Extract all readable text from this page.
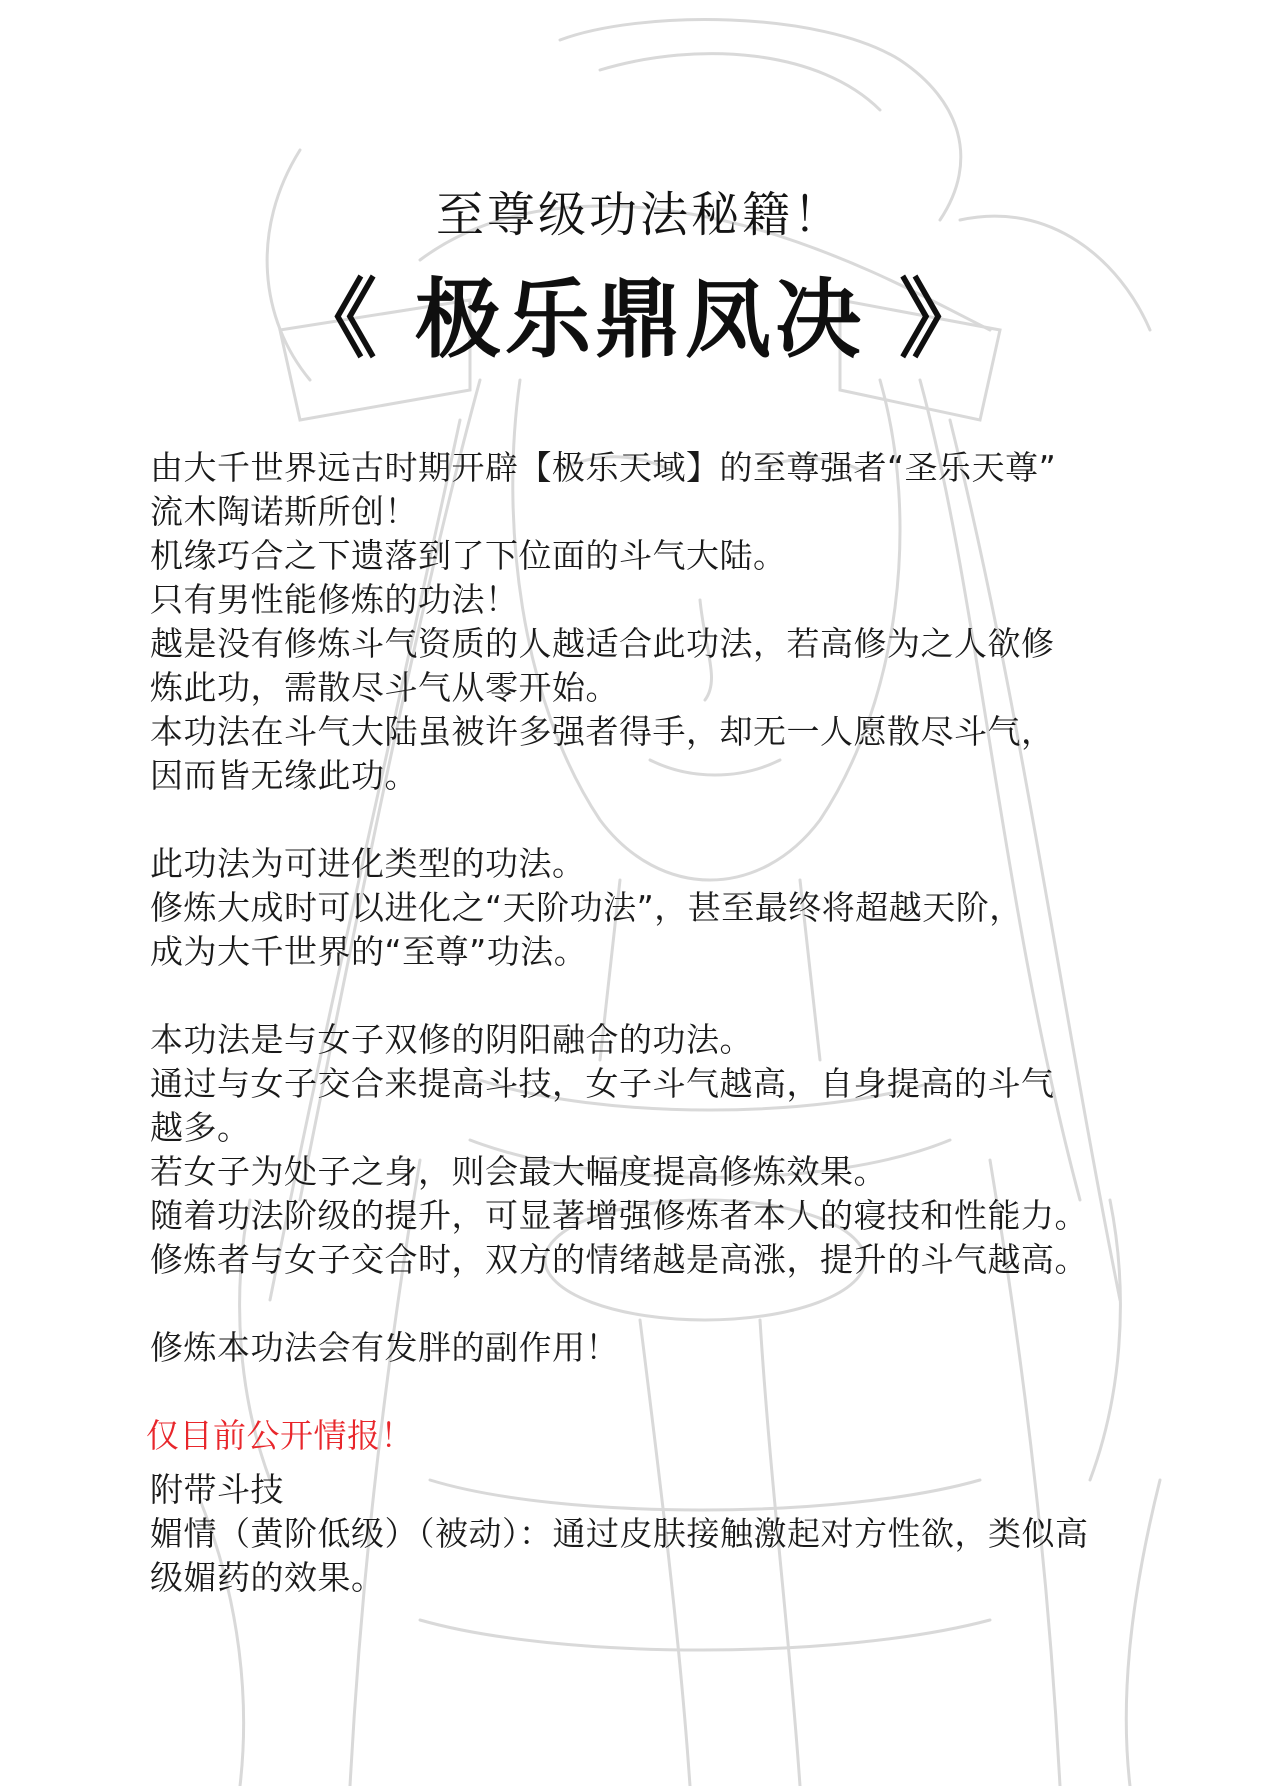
至尊级功法秘籍！
《 极乐鼎凤决 》
由大千世界远古时期开辟【极乐天域】的至尊强者“圣乐天尊”
流木陶诺斯所创！
机缘巧合之下遗落到了下位面的斗气大陆。
只有男性能修炼的功法！
越是没有修炼斗气资质的人越适合此功法，若高修为之人欲修
炼此功，需散尽斗气从零开始。
本功法在斗气大陆虽被许多强者得手，却无一人愿散尽斗气，
因而皆无缘此功。
此功法为可进化类型的功法。
修炼大成时可以进化之“天阶功法”，甚至最终将超越天阶，
成为大千世界的“至尊”功法。
本功法是与女子双修的阴阳融合的功法。
通过与女子交合来提高斗技，女子斗气越高，自身提高的斗气
越多。
若女子为处子之身，则会最大幅度提高修炼效果。
随着功法阶级的提升，可显著增强修炼者本人的寝技和性能力。
修炼者与女子交合时，双方的情绪越是高涨，提升的斗气越高。
修炼本功法会有发胖的副作用！
仅目前公开情报！
附带斗技
媚情（黄阶低级）（被动）：通过皮肤接触激起对方性欲，类似高
级媚药的效果。
